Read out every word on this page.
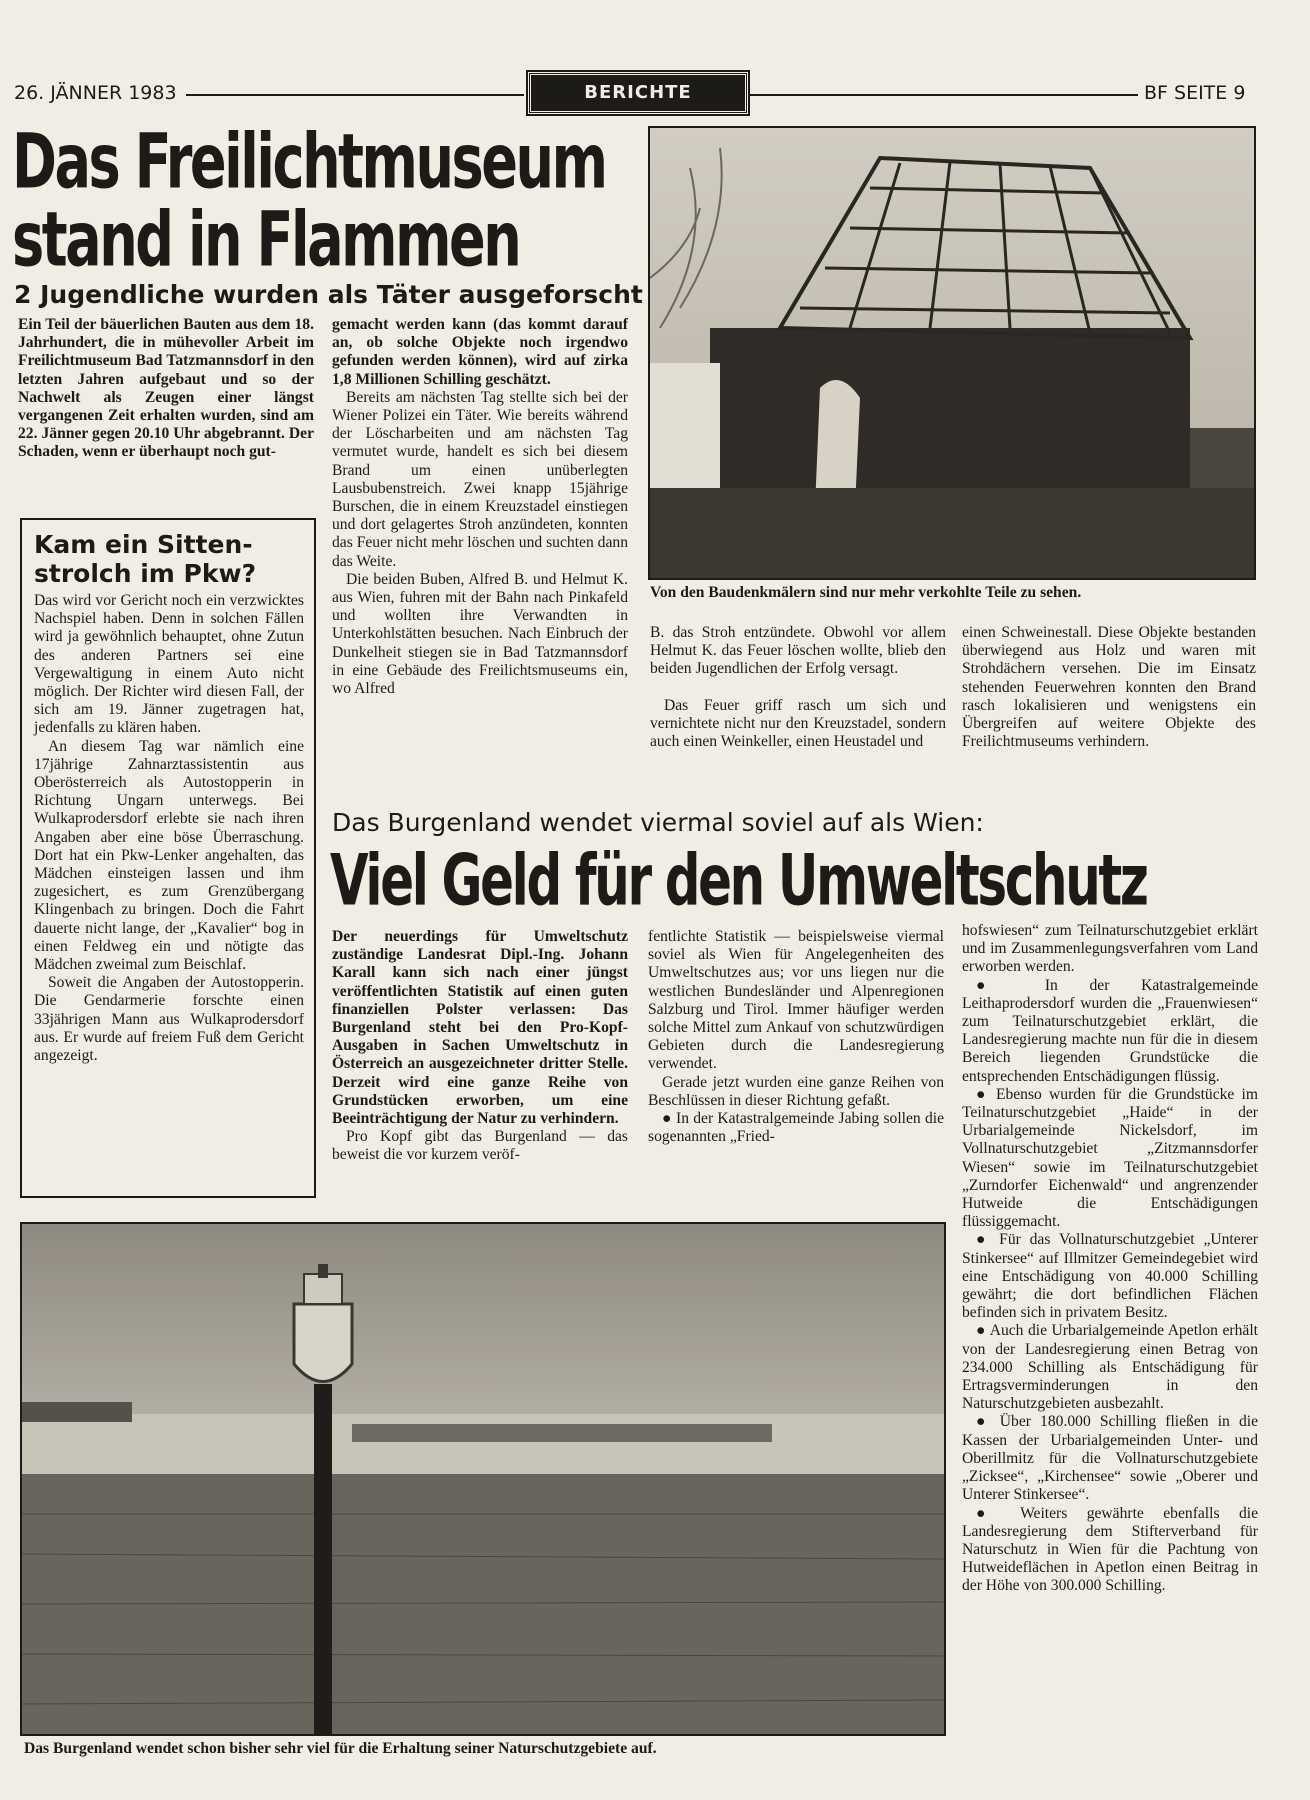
26. JÄNNER 1983	BERICHTE	BF SEITE 9
Das Freilichtmuseum
stand in Flammen
2 Jugendliche wurden als Täter ausgeforscht

Ein Teil der bäuerlichen Bauten aus dem 18. Jahrhundert, die in mühevoller Arbeit im Freilichtmuseum Bad Tatzmannsdorf in den letzten Jahren aufgebaut und so der Nachwelt als Zeugen einer längst vergangenen Zeit erhalten wurden, sind am 22. Jänner gegen 20.10 Uhr abgebrannt. Der Schaden, wenn er überhaupt noch gut-

Kam ein Sitten-
strolch im Pkw?

Das wird vor Gericht noch ein verzwicktes Nachspiel haben. Denn in solchen Fällen wird ja gewöhnlich behauptet, ohne Zutun des anderen Partners sei eine Vergewaltigung in einem Auto nicht möglich. Der Richter wird diesen Fall, der sich am 19. Jänner zugetragen hat, jedenfalls zu klären haben.

An diesem Tag war nämlich eine 17jährige Zahnarztassistentin aus Oberösterreich als Autostopperin in Richtung Ungarn unterwegs. Bei Wulkaprodersdorf erlebte sie nach ihren Angaben aber eine böse Überraschung. Dort hat ein Pkw-Lenker angehalten, das Mädchen einsteigen lassen und ihm zugesichert, es zum Grenzübergang Klingenbach zu bringen. Doch die Fahrt dauerte nicht lange, der „Kavalier“ bog in einen Feldweg ein und nötigte das Mädchen zweimal zum Beischlaf.

Soweit die Angaben der Autostopperin. Die Gendarmerie forschte einen 33jährigen Mann aus Wulkaprodersdorf aus. Er wurde auf freiem Fuß dem Gericht angezeigt.

gemacht werden kann (das kommt darauf an, ob solche Objekte noch irgendwo gefunden werden können), wird auf zirka 1,8 Millionen Schilling geschätzt.

Bereits am nächsten Tag stellte sich bei der Wiener Polizei ein Täter. Wie bereits während der Löscharbeiten und am nächsten Tag vermutet wurde, handelt es sich bei diesem Brand um einen unüberlegten Lausbubenstreich. Zwei knapp 15jährige Burschen, die in einem Kreuzstadel einstiegen und dort gelagertes Stroh anzündeten, konnten das Feuer nicht mehr löschen und suchten dann das Weite.

Die beiden Buben, Alfred B. und Helmut K. aus Wien, fuhren mit der Bahn nach Pinkafeld und wollten ihre Verwandten in Unterkohlstätten besuchen. Nach Einbruch der Dunkelheit stiegen sie in Bad Tatzmannsdorf in eine Gebäude des Freilichtsmuseums ein, wo Alfred

Von den Baudenkmälern sind nur mehr verkohlte Teile zu sehen.

B. das Stroh entzündete. Obwohl vor allem Helmut K. das Feuer löschen wollte, blieb den beiden Jugendlichen der Erfolg versagt.

Das Feuer griff rasch um sich und vernichtete nicht nur den Kreuzstadel, sondern auch einen Weinkeller, einen Heustadel und

einen Schweinestall. Diese Objekte bestanden überwiegend aus Holz und waren mit Strohdächern versehen. Die im Einsatz stehenden Feuerwehren konnten den Brand rasch lokalisieren und wenigstens ein Übergreifen auf weitere Objekte des Freilichtmuseums verhindern.

Das Burgenland wendet viermal soviel auf als Wien:
Viel Geld für den Umweltschutz

Der neuerdings für Umweltschutz zuständige Landesrat Dipl.-Ing. Johann Karall kann sich nach einer jüngst veröffentlichten Statistik auf einen guten finanziellen Polster verlassen: Das Burgenland steht bei den Pro-Kopf-Ausgaben in Sachen Umweltschutz in Österreich an ausgezeichneter dritter Stelle. Derzeit wird eine ganze Reihe von Grundstücken erworben, um eine Beeinträchtigung der Natur zu verhindern.

Pro Kopf gibt das Burgenland — das beweist die vor kurzem veröf-

fentlichte Statistik — beispielsweise viermal soviel als Wien für Angelegenheiten des Umweltschutzes aus; vor uns liegen nur die westlichen Bundesländer und Alpenregionen Salzburg und Tirol. Immer häufiger werden solche Mittel zum Ankauf von schutzwürdigen Gebieten durch die Landesregierung verwendet.

Gerade jetzt wurden eine ganze Reihen von Beschlüssen in dieser Richtung gefaßt.

● In der Katastralgemeinde Jabing sollen die sogenannten „Fried-

hofswiesen“ zum Teilnaturschutzgebiet erklärt und im Zusammenlegungsverfahren vom Land erworben werden.

● In der Katastralgemeinde Leithaprodersdorf wurden die „Frauenwiesen“ zum Teilnaturschutzgebiet erklärt, die Landesregierung machte nun für die in diesem Bereich liegenden Grundstücke die entsprechenden Entschädigungen flüssig.

● Ebenso wurden für die Grundstücke im Teilnaturschutzgebiet „Haide“ in der Urbarialgemeinde Nickelsdorf, im Vollnaturschutzgebiet „Zitzmannsdorfer Wiesen“ sowie im Teilnaturschutzgebiet „Zurndorfer Eichenwald“ und angrenzender Hutweide die Entschädigungen flüssiggemacht.

● Für das Vollnaturschutzgebiet „Unterer Stinkersee“ auf Illmitzer Gemeindegebiet wird eine Entschädigung von 40.000 Schilling gewährt; die dort befindlichen Flächen befinden sich in privatem Besitz.

● Auch die Urbarialgemeinde Apetlon erhält von der Landesregierung einen Betrag von 234.000 Schilling als Entschädigung für Ertragsverminderungen in den Naturschutzgebieten ausbezahlt.

● Über 180.000 Schilling fließen in die Kassen der Urbarialgemeinden Unter- und Oberillmitz für die Vollnaturschutzgebiete „Zicksee“, „Kirchensee“ sowie „Oberer und Unterer Stinkersee“.

● Weiters gewährte ebenfalls die Landesregierung dem Stifterverband für Naturschutz in Wien für die Pachtung von Hutweideflächen in Apetlon einen Beitrag in der Höhe von 300.000 Schilling.

Das Burgenland wendet schon bisher sehr viel für die Erhaltung seiner Naturschutzgebiete auf.
